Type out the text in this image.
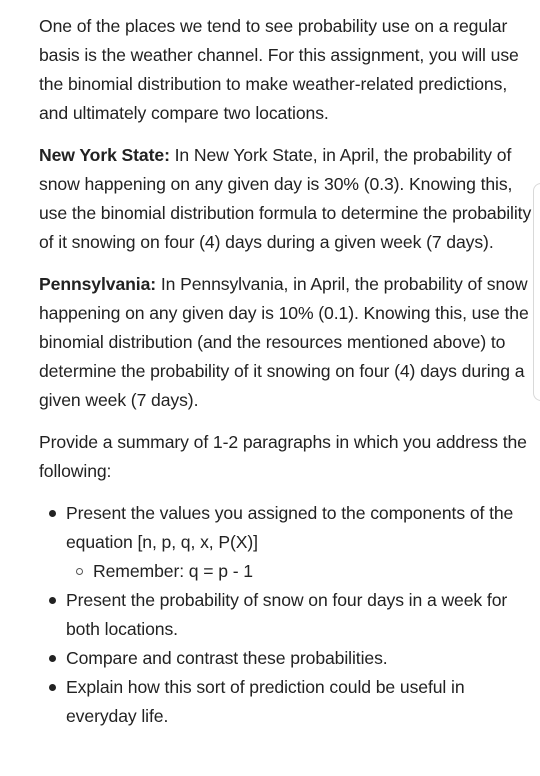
One of the places we tend to see probability use on a regular basis is the weather channel. For this assignment, you will use the binomial distribution to make weather-related predictions, and ultimately compare two locations.

New York State: In New York State, in April, the probability of snow happening on any given day is 30% (0.3). Knowing this, use the binomial distribution formula to determine the probability of it snowing on four (4) days during a given week (7 days).

Pennsylvania: In Pennsylvania, in April, the probability of snow happening on any given day is 10% (0.1). Knowing this, use the binomial distribution (and the resources mentioned above) to determine the probability of it snowing on four (4) days during a given week (7 days).

Provide a summary of 1-2 paragraphs in which you address the following:

Present the values you assigned to the components of the equation [n, p, q, x, P(X)]
Remember: q = p - 1
Present the probability of snow on four days in a week for both locations.
Compare and contrast these probabilities.
Explain how this sort of prediction could be useful in everyday life.
